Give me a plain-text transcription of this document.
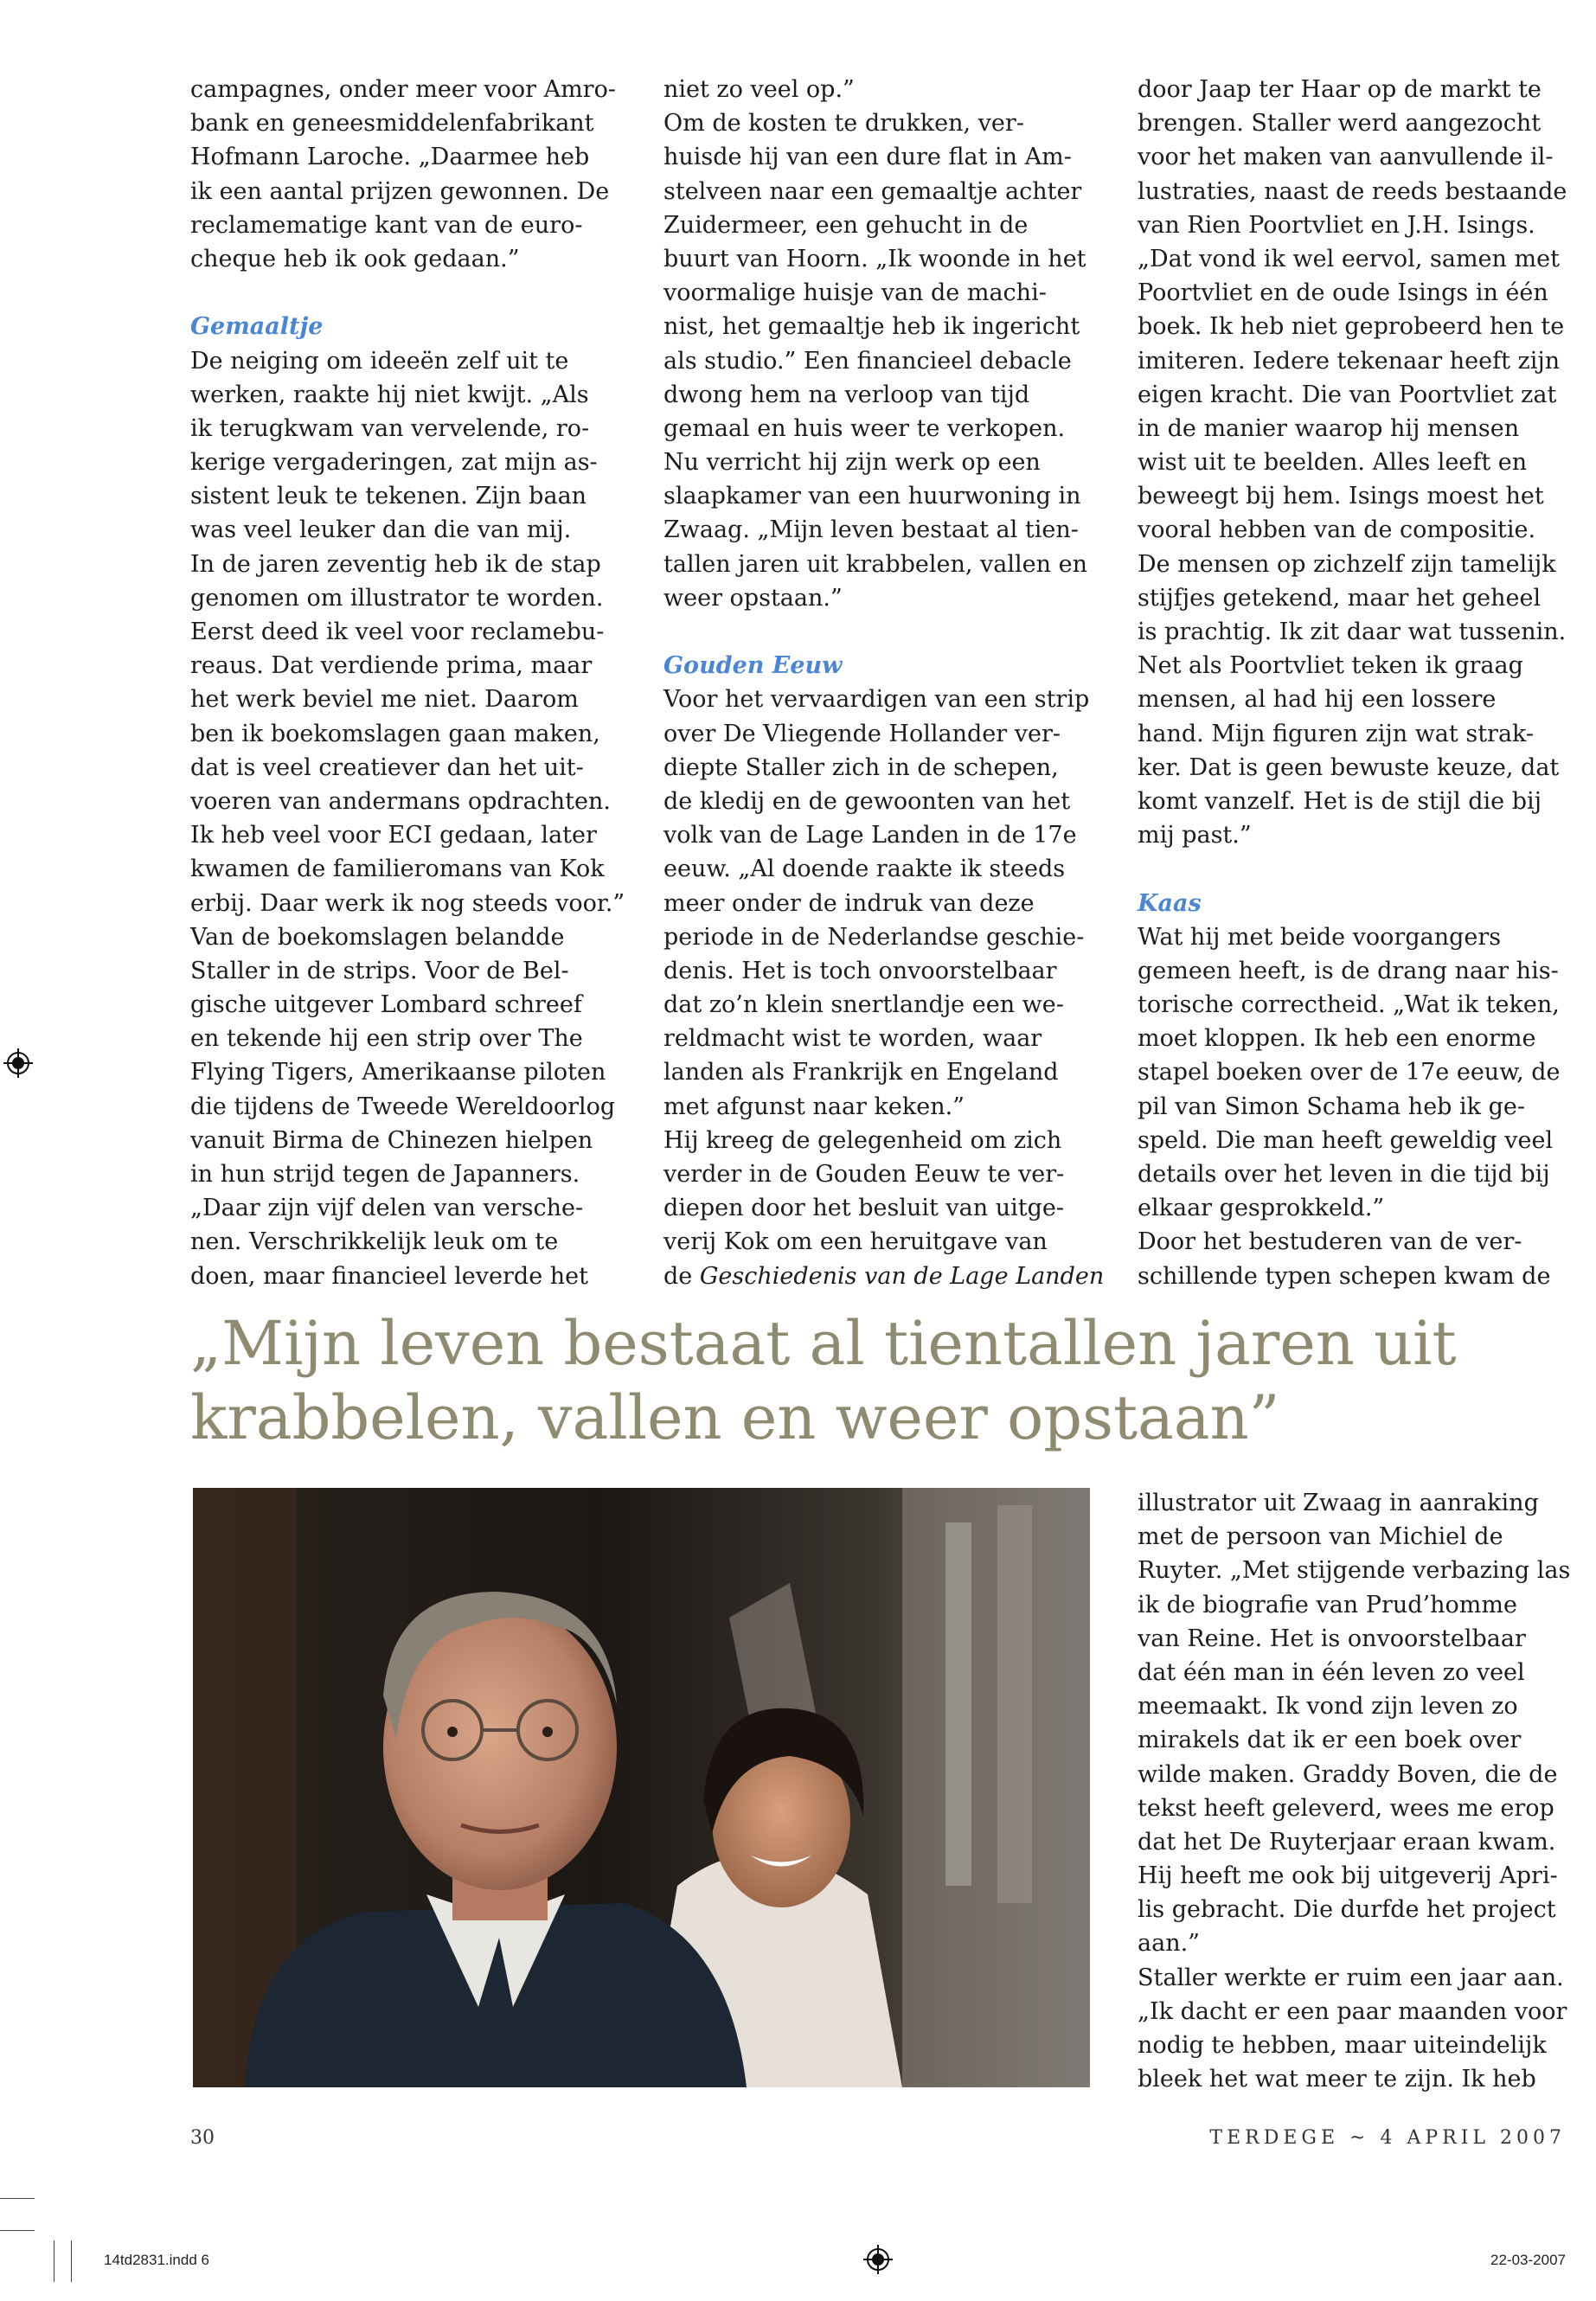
campagnes, onder meer voor Amro-
bank en geneesmiddelenfabrikant
Hofmann Laroche. „Daarmee heb
ik een aantal prijzen gewonnen. De
reclamematige kant van de euro-
cheque heb ik ook gedaan.”
Gemaaltje
De neiging om ideeën zelf uit te
werken, raakte hij niet kwijt. „Als
ik terugkwam van vervelende, ro-
kerige vergaderingen, zat mijn as-
sistent leuk te tekenen. Zijn baan
was veel leuker dan die van mij.
In de jaren zeventig heb ik de stap
genomen om illustrator te worden.
Eerst deed ik veel voor reclamebu-
reaus. Dat verdiende prima, maar
het werk beviel me niet. Daarom
ben ik boekomslagen gaan maken,
dat is veel creatiever dan het uit-
voeren van andermans opdrachten.
Ik heb veel voor ECI gedaan, later
kwamen de familieromans van Kok
erbij. Daar werk ik nog steeds voor.”
Van de boekomslagen belandde
Staller in de strips. Voor de Bel-
gische uitgever Lombard schreef
en tekende hij een strip over The
Flying Tigers, Amerikaanse piloten
die tijdens de Tweede Wereldoorlog
vanuit Birma de Chinezen hielpen
in hun strijd tegen de Japanners.
„Daar zijn vijf delen van versche-
nen. Verschrikkelijk leuk om te
doen, maar financieel leverde het
niet zo veel op.”
Om de kosten te drukken, ver-
huisde hij van een dure flat in Am-
stelveen naar een gemaaltje achter
Zuidermeer, een gehucht in de
buurt van Hoorn. „Ik woonde in het
voormalige huisje van de machi-
nist, het gemaaltje heb ik ingericht
als studio.” Een financieel debacle
dwong hem na verloop van tijd
gemaal en huis weer te verkopen.
Nu verricht hij zijn werk op een
slaapkamer van een huurwoning in
Zwaag. „Mijn leven bestaat al tien-
tallen jaren uit krabbelen, vallen en
weer opstaan.”
Gouden Eeuw
Voor het vervaardigen van een strip
over De Vliegende Hollander ver-
diepte Staller zich in de schepen,
de kledij en de gewoonten van het
volk van de Lage Landen in de 17e
eeuw. „Al doende raakte ik steeds
meer onder de indruk van deze
periode in de Nederlandse geschie-
denis. Het is toch onvoorstelbaar
dat zo’n klein snertlandje een we-
reldmacht wist te worden, waar
landen als Frankrijk en Engeland
met afgunst naar keken.”
Hij kreeg de gelegenheid om zich
verder in de Gouden Eeuw te ver-
diepen door het besluit van uitge-
verij Kok om een heruitgave van
de Geschiedenis van de Lage Landen
door Jaap ter Haar op de markt te
brengen. Staller werd aangezocht
voor het maken van aanvullende il-
lustraties, naast de reeds bestaande
van Rien Poortvliet en J.H. Isings.
„Dat vond ik wel eervol, samen met
Poortvliet en de oude Isings in één
boek. Ik heb niet geprobeerd hen te
imiteren. Iedere tekenaar heeft zijn
eigen kracht. Die van Poortvliet zat
in de manier waarop hij mensen
wist uit te beelden. Alles leeft en
beweegt bij hem. Isings moest het
vooral hebben van de compositie.
De mensen op zichzelf zijn tamelijk
stijfjes getekend, maar het geheel
is prachtig. Ik zit daar wat tussenin.
Net als Poortvliet teken ik graag
mensen, al had hij een lossere
hand. Mijn figuren zijn wat strak-
ker. Dat is geen bewuste keuze, dat
komt vanzelf. Het is de stijl die bij
mij past.”
Kaas
Wat hij met beide voorgangers
gemeen heeft, is de drang naar his-
torische correctheid. „Wat ik teken,
moet kloppen. Ik heb een enorme
stapel boeken over de 17e eeuw, de
pil van Simon Schama heb ik ge-
speld. Die man heeft geweldig veel
details over het leven in die tijd bij
elkaar gesprokkeld.”
Door het bestuderen van de ver-
schillende typen schepen kwam de
„Mijn leven bestaat al tientallen jaren uit
krabbelen, vallen en weer opstaan”
illustrator uit Zwaag in aanraking
met de persoon van Michiel de
Ruyter. „Met stijgende verbazing las
ik de biografie van Prud’homme
van Reine. Het is onvoorstelbaar
dat één man in één leven zo veel
meemaakt. Ik vond zijn leven zo
mirakels dat ik er een boek over
wilde maken. Graddy Boven, die de
tekst heeft geleverd, wees me erop
dat het De Ruyterjaar eraan kwam.
Hij heeft me ook bij uitgeverij Apri-
lis gebracht. Die durfde het project
aan.”
Staller werkte er ruim een jaar aan.
„Ik dacht er een paar maanden voor
nodig te hebben, maar uiteindelijk
bleek het wat meer te zijn. Ik heb
30	TERDEGE ~ 4 APRIL 2007
14td2831.indd 6	22-03-2007
